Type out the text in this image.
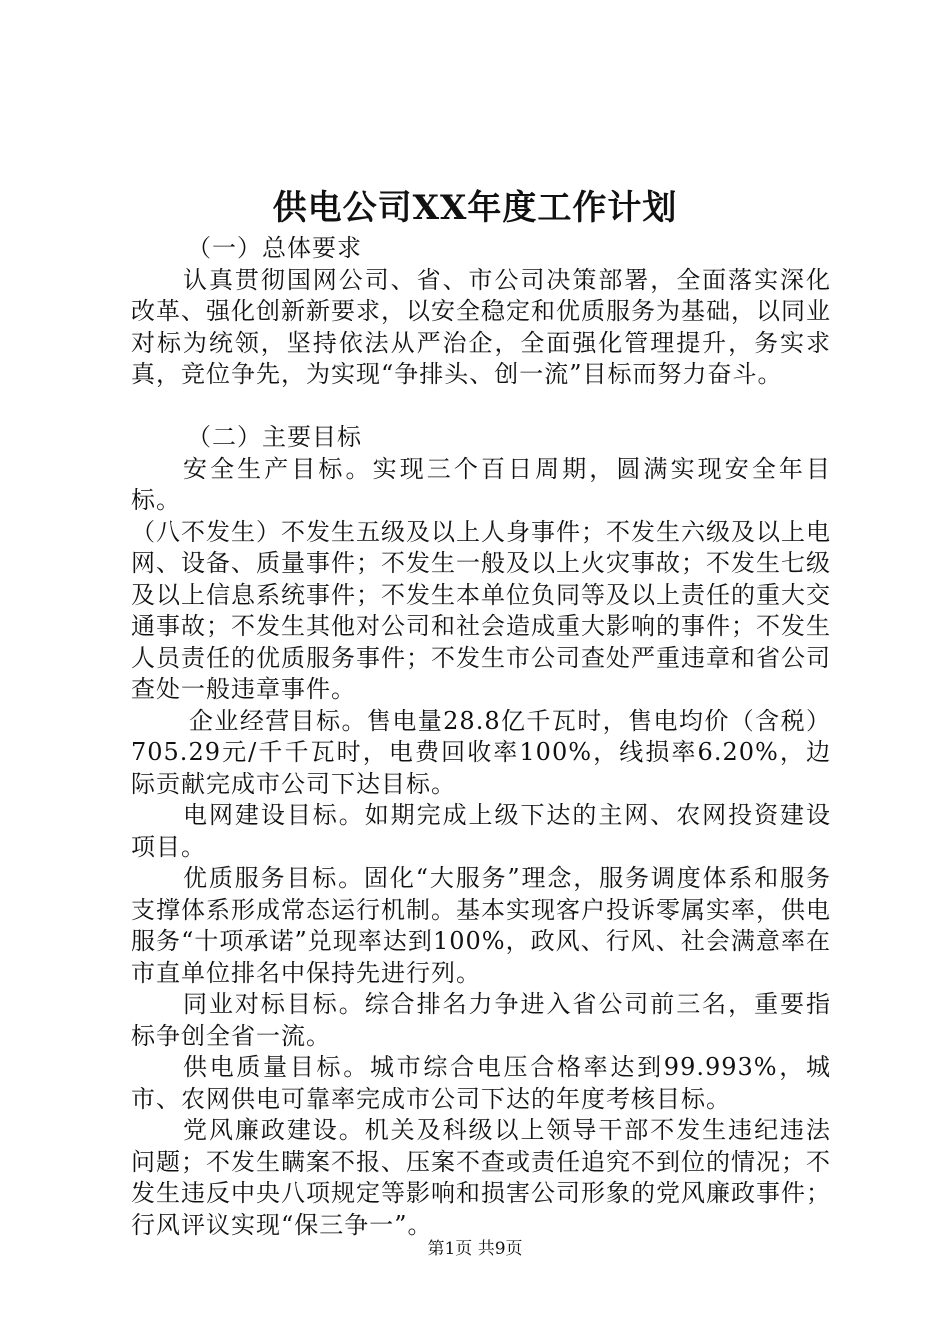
供电公司XX年度工作计划

（一）总体要求

认真贯彻国网公司、省、市公司决策部署，全面落实深化改革、强化创新新要求，以安全稳定和优质服务为基础，以同业对标为统领，坚持依法从严治企，全面强化管理提升，务实求真，竞位争先，为实现“争排头、创一流”目标而努力奋斗。

（二）主要目标

安全生产目标。实现三个百日周期，圆满实现安全年目标。

（八不发生）不发生五级及以上人身事件；不发生六级及以上电网、设备、质量事件；不发生一般及以上火灾事故；不发生七级及以上信息系统事件；不发生本单位负同等及以上责任的重大交通事故；不发生其他对公司和社会造成重大影响的事件；不发生人员责任的优质服务事件；不发生市公司查处严重违章和省公司查处一般违章事件。

企业经营目标。售电量28.8亿千瓦时，售电均价（含税）705.29元/千千瓦时，电费回收率100%，线损率6.20%，边际贡献完成市公司下达目标。

电网建设目标。如期完成上级下达的主网、农网投资建设项目。

优质服务目标。固化“大服务”理念，服务调度体系和服务支撑体系形成常态运行机制。基本实现客户投诉零属实率，供电服务“十项承诺”兑现率达到100%，政风、行风、社会满意率在市直单位排名中保持先进行列。

同业对标目标。综合排名力争进入省公司前三名，重要指标争创全省一流。

供电质量目标。城市综合电压合格率达到99.993%，城市、农网供电可靠率完成市公司下达的年度考核目标。

党风廉政建设。机关及科级以上领导干部不发生违纪违法问题；不发生瞒案不报、压案不查或责任追究不到位的情况；不发生违反中央八项规定等影响和损害公司形象的党风廉政事件；行风评议实现“保三争一”。

第1页 共9页
